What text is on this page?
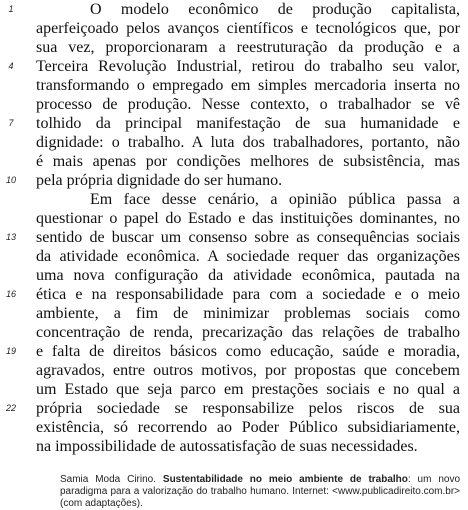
O modelo econômico de produção capitalista,
aperfeiçoado pelos avanços científicos e tecnológicos que, por
sua vez, proporcionaram a reestruturação da produção e a
Terceira Revolução Industrial, retirou do trabalho seu valor,
transformando o empregado em simples mercadoria inserta no
processo de produção. Nesse contexto, o trabalhador se vê
tolhido da principal manifestação de sua humanidade e
dignidade: o trabalho. A luta dos trabalhadores, portanto, não
é mais apenas por condições melhores de subsistência, mas
pela própria dignidade do ser humano.
Em face desse cenário, a opinião pública passa a
questionar o papel do Estado e das instituições dominantes, no
sentido de buscar um consenso sobre as consequências sociais
da atividade econômica. A sociedade requer das organizações
uma nova configuração da atividade econômica, pautada na
ética e na responsabilidade para com a sociedade e o meio
ambiente, a fim de minimizar problemas sociais como
concentração de renda, precarização das relações de trabalho
e falta de direitos básicos como educação, saúde e moradia,
agravados, entre outros motivos, por propostas que concebem
um Estado que seja parco em prestações sociais e no qual a
própria sociedade se responsabilize pelos riscos de sua
existência, só recorrendo ao Poder Público subsidiariamente,
na impossibilidade de autossatisfação de suas necessidades.
1
4
7
10
13
16
19
22
Samia Moda Cirino. Sustentabilidade no meio ambiente de trabalho: um novo paradigma para a valorização do trabalho humano. Internet: <www.publicadireito.com.br> (com adaptações).
